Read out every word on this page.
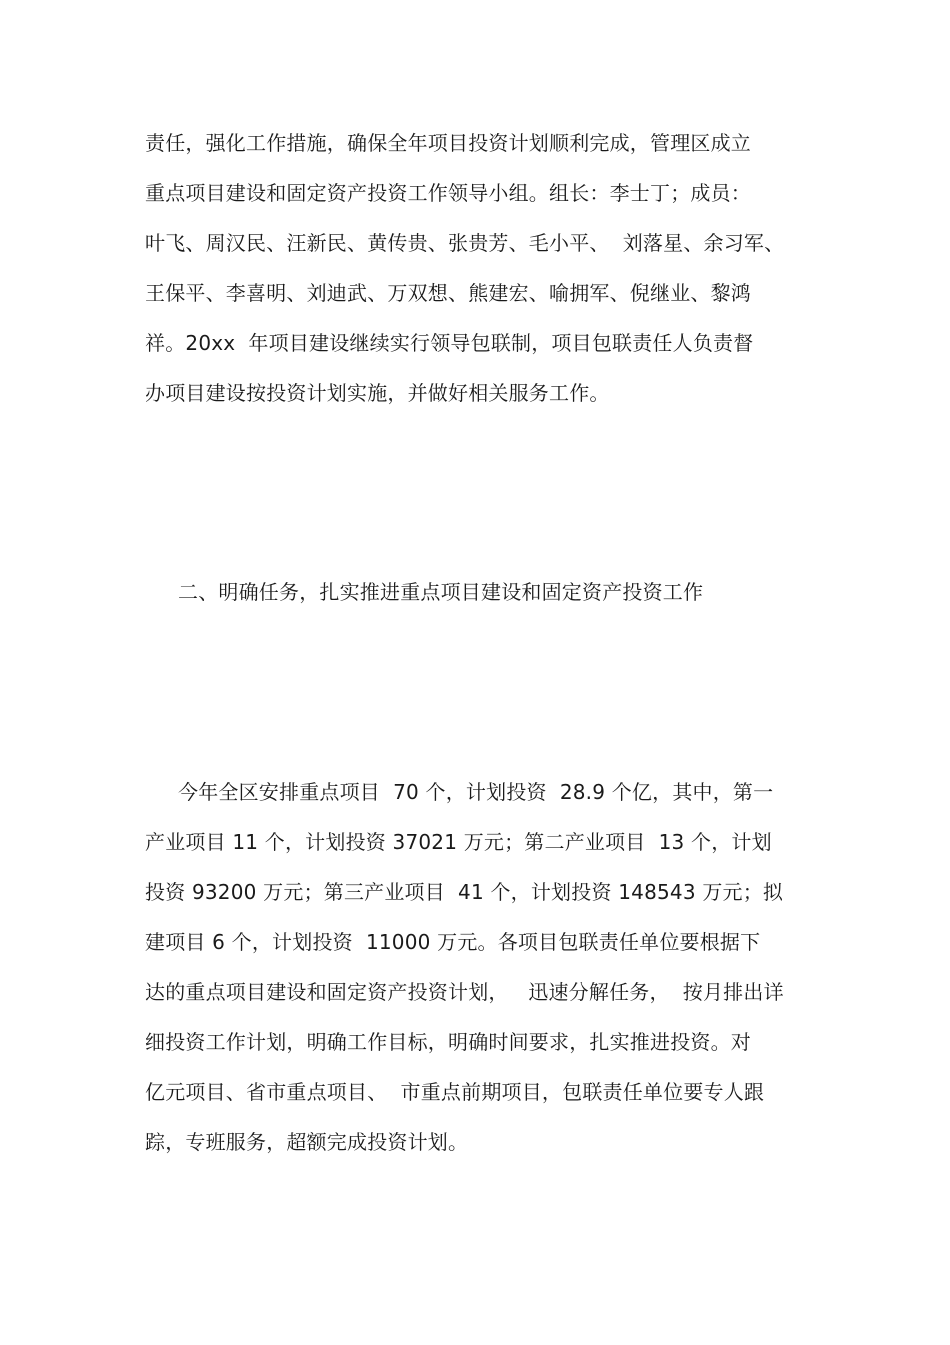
责任，强化工作措施，确保全年项目投资计划顺利完成，管理区成立
重点项目建设和固定资产投资工作领导小组。组长：李士丁；成员：
叶飞、周汉民、汪新民、黄传贵、张贵芳、毛小平、  刘落星、余习军、
王保平、李喜明、刘迪武、万双想、熊建宏、喻拥军、倪继业、黎鸿
祥。20xx  年项目建设继续实行领导包联制，项目包联责任人负责督
办项目建设按投资计划实施，并做好相关服务工作。
二、明确任务，扎实推进重点项目建设和固定资产投资工作
今年全区安排重点项目  70 个，计划投资  28.9 个亿，其中，第一
产业项目 11 个，计划投资 37021 万元；第二产业项目  13 个，计划
投资 93200 万元；第三产业项目  41 个，计划投资 148543 万元；拟
建项目 6 个，计划投资  11000 万元。各项目包联责任单位要根据下
达的重点项目建设和固定资产投资计划，   迅速分解任务，  按月排出详
细投资工作计划，明确工作目标，明确时间要求，扎实推进投资。对
亿元项目、省市重点项目、  市重点前期项目，包联责任单位要专人跟
踪，专班服务，超额完成投资计划。
